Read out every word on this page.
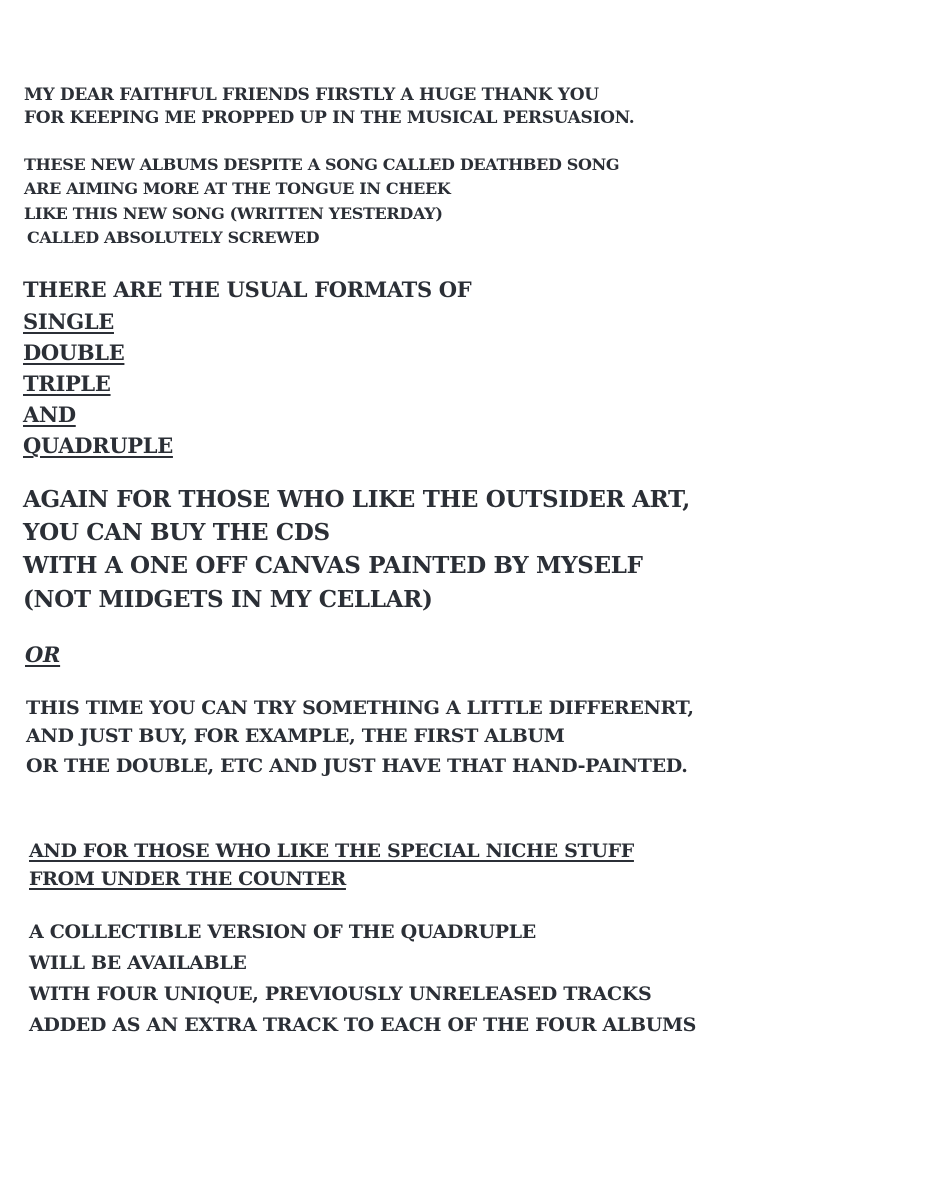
MY DEAR FAITHFUL FRIENDS FIRSTLY A HUGE THANK YOU

FOR KEEPING ME PROPPED UP IN THE MUSICAL PERSUASION.

THESE NEW ALBUMS DESPITE A SONG CALLED DEATHBED SONG

ARE AIMING MORE AT THE TONGUE IN CHEEK

LIKE THIS NEW SONG (WRITTEN YESTERDAY)

CALLED ABSOLUTELY SCREWED

THERE ARE THE USUAL FORMATS OF

SINGLE

DOUBLE

TRIPLE

AND

QUADRUPLE

AGAIN FOR THOSE WHO LIKE THE OUTSIDER ART,

YOU CAN BUY THE CDS

WITH A ONE OFF CANVAS PAINTED BY MYSELF

(NOT MIDGETS IN MY CELLAR)

OR

THIS TIME YOU CAN TRY SOMETHING A LITTLE DIFFERENRT,

AND JUST BUY, FOR EXAMPLE, THE FIRST ALBUM

OR THE DOUBLE, ETC AND JUST HAVE THAT HAND-PAINTED.

AND FOR THOSE WHO LIKE THE SPECIAL NICHE STUFF

FROM UNDER THE COUNTER

A COLLECTIBLE VERSION OF THE QUADRUPLE

WILL BE AVAILABLE

WITH FOUR UNIQUE, PREVIOUSLY UNRELEASED TRACKS

ADDED AS AN EXTRA TRACK TO EACH OF THE FOUR ALBUMS
